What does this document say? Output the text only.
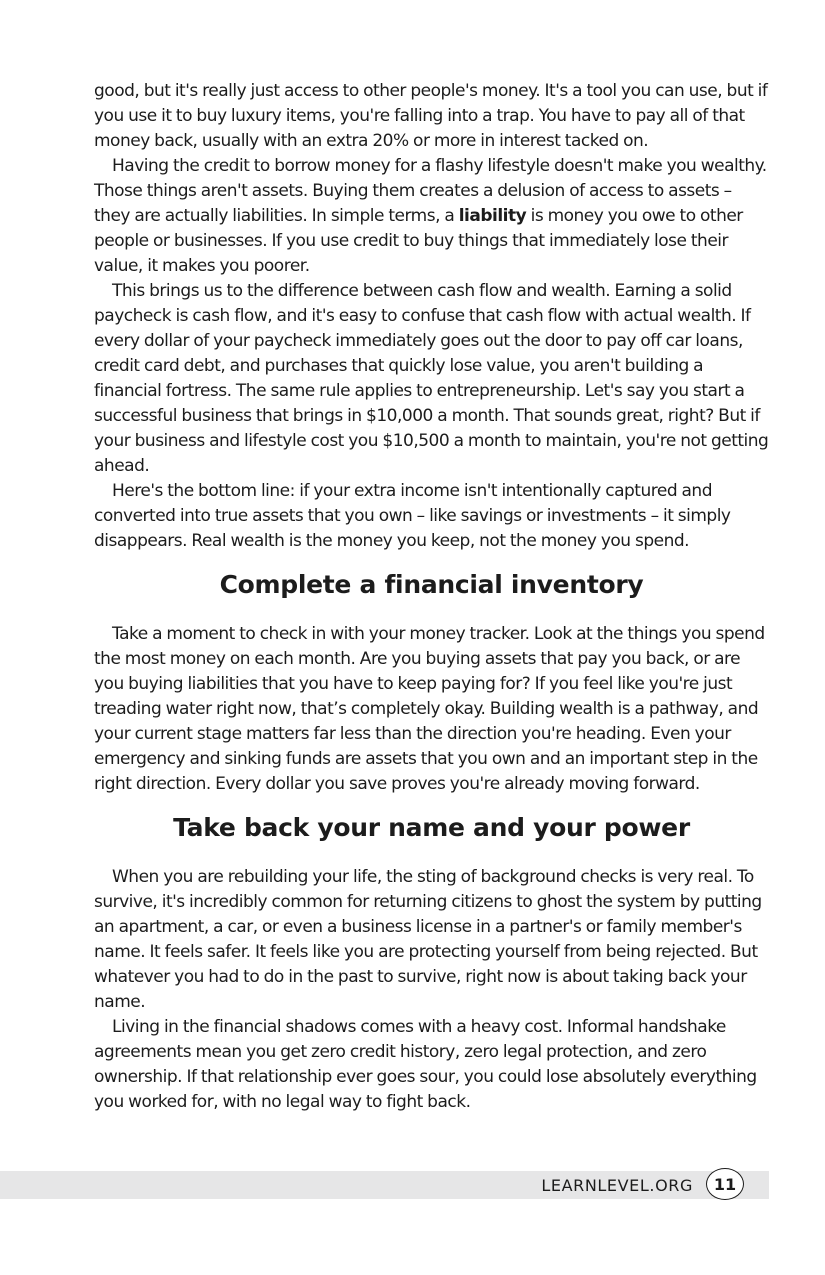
good, but it's really just access to other people's money. It's a tool you can use, but if you use it to buy luxury items, you're falling into a trap. You have to pay all of that money back, usually with an extra 20% or more in interest tacked on.

Having the credit to borrow money for a flashy lifestyle doesn't make you wealthy. Those things aren't assets. Buying them creates a delusion of access to assets – they are actually liabilities. In simple terms, a liability is money you owe to other people or businesses. If you use credit to buy things that immediately lose their value, it makes you poorer.

This brings us to the difference between cash flow and wealth. Earning a solid paycheck is cash flow, and it's easy to confuse that cash flow with actual wealth. If every dollar of your paycheck immediately goes out the door to pay off car loans, credit card debt, and purchases that quickly lose value, you aren't building a financial fortress. The same rule applies to entrepreneurship. Let's say you start a successful business that brings in $10,000 a month. That sounds great, right? But if your business and lifestyle cost you $10,500 a month to maintain, you're not getting ahead.

Here's the bottom line: if your extra income isn't intentionally captured and converted into true assets that you own – like savings or investments – it simply disappears. Real wealth is the money you keep, not the money you spend.

Complete a financial inventory

Take a moment to check in with your money tracker. Look at the things you spend the most money on each month. Are you buying assets that pay you back, or are you buying liabilities that you have to keep paying for? If you feel like you're just treading water right now, that’s completely okay. Building wealth is a pathway, and your current stage matters far less than the direction you're heading. Even your emergency and sinking funds are assets that you own and an important step in the right direction. Every dollar you save proves you're already moving forward.

Take back your name and your power

When you are rebuilding your life, the sting of background checks is very real. To survive, it's incredibly common for returning citizens to ghost the system by putting an apartment, a car, or even a business license in a partner's or family member's name. It feels safer. It feels like you are protecting yourself from being rejected. But whatever you had to do in the past to survive, right now is about taking back your name.

Living in the financial shadows comes with a heavy cost. Informal handshake agreements mean you get zero credit history, zero legal protection, and zero ownership. If that relationship ever goes sour, you could lose absolutely everything you worked for, with no legal way to fight back.

LEARNLEVEL.ORG	11
